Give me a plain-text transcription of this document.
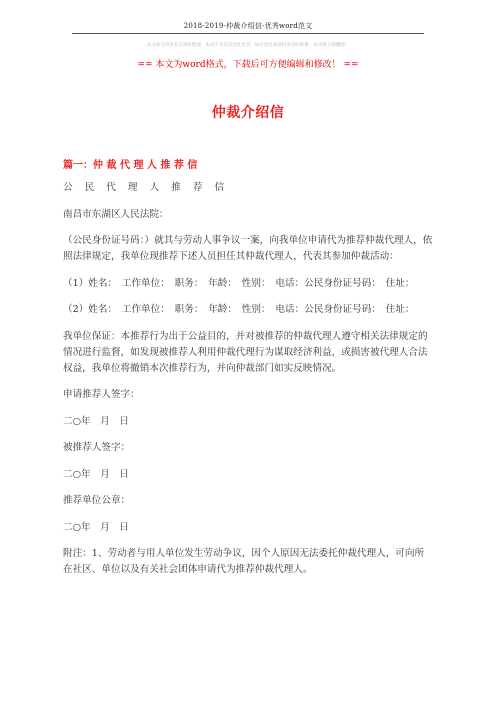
2018-2019-仲裁介绍信-优秀word范文
本文部分内容来自网络整理，本司不为其真实性负责，如有异议或侵权请及时联系，本司将立即删除！
== 本文为word格式，下载后可方便编辑和修改！ ==
仲裁介绍信
篇一：仲 裁 代 理 人 推 荐 信

公 民 代 理 人 推 荐 信

南昌市东湖区人民法院：

（公民身份证号码：）就其与劳动人事争议一案，向我单位申请代为推荐仲裁代理人，依照法律规定，我单位现推荐下述人员担任其仲裁代理人，代表其参加仲裁活动：

（1）姓名：　工作单位：　职务：　年龄：　性别：　电话：公民身份证号码：　住址：

（2）姓名：　工作单位：　职务：　年龄：　性别：　电话：公民身份证号码：　住址：

我单位保证：本推荐行为出于公益目的，并对被推荐的仲裁代理人遵守相关法律规定的情况进行监督，如发现被推荐人利用仲裁代理行为谋取经济利益，或损害被代理人合法权益，我单位将撤销本次推荐行为，并向仲裁部门如实反映情况。

申请推荐人签字：

二○年　月　日

被推荐人签字：

二○年　月　日

推荐单位公章：

二○年　月　日

附注：1、劳动者与用人单位发生劳动争议，因个人原因无法委托仲裁代理人，可向所在社区、单位以及有关社会团体申请代为推荐仲裁代理人。
